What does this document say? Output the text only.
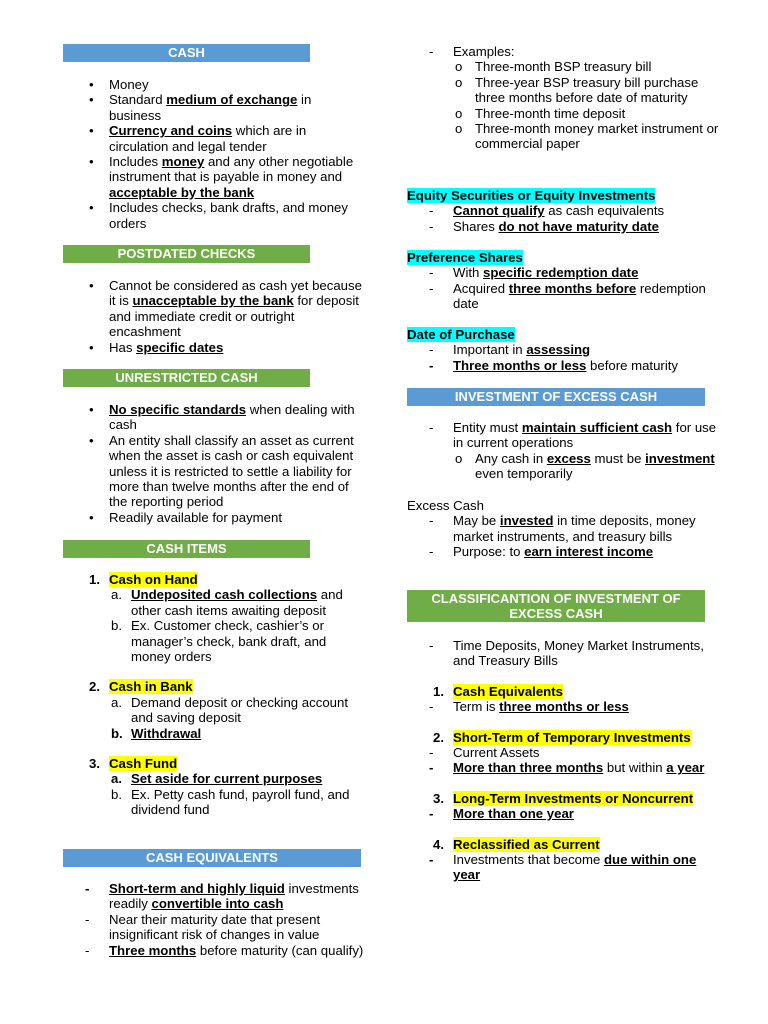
CASH
• Money
• Standard medium of exchange in business
• Currency and coins which are in circulation and legal tender
• Includes money and any other negotiable instrument that is payable in money and acceptable by the bank
• Includes checks, bank drafts, and money orders
POSTDATED CHECKS
• Cannot be considered as cash yet because it is unacceptable by the bank for deposit and immediate credit or outright encashment
• Has specific dates
UNRESTRICTED CASH
• No specific standards when dealing with cash
• An entity shall classify an asset as current when the asset is cash or cash equivalent unless it is restricted to settle a liability for more than twelve months after the end of the reporting period
• Readily available for payment
CASH ITEMS
1. Cash on Hand
a. Undeposited cash collections and other cash items awaiting deposit
b. Ex. Customer check, cashier’s or manager’s check, bank draft, and money orders
2. Cash in Bank
a. Demand deposit or checking account and saving deposit
b. Withdrawal
3. Cash Fund
a. Set aside for current purposes
b. Ex. Petty cash fund, payroll fund, and dividend fund
CASH EQUIVALENTS
- Short-term and highly liquid investments readily convertible into cash
- Near their maturity date that present insignificant risk of changes in value
- Three months before maturity (can qualify)
- Examples:
o Three-month BSP treasury bill
o Three-year BSP treasury bill purchase three months before date of maturity
o Three-month time deposit
o Three-month money market instrument or commercial paper
Equity Securities or Equity Investments
- Cannot qualify as cash equivalents
- Shares do not have maturity date
Preference Shares
- With specific redemption date
- Acquired three months before redemption date
Date of Purchase
- Important in assessing
- Three months or less before maturity
INVESTMENT OF EXCESS CASH
- Entity must maintain sufficient cash for use in current operations
o Any cash in excess must be investment even temporarily
Excess Cash
- May be invested in time deposits, money market instruments, and treasury bills
- Purpose: to earn interest income
CLASSIFICANTION OF INVESTMENT OF EXCESS CASH
- Time Deposits, Money Market Instruments, and Treasury Bills
1. Cash Equivalents
- Term is three months or less
2. Short-Term of Temporary Investments
- Current Assets
- More than three months but within a year
3. Long-Term Investments or Noncurrent
- More than one year
4. Reclassified as Current
- Investments that become due within one year
